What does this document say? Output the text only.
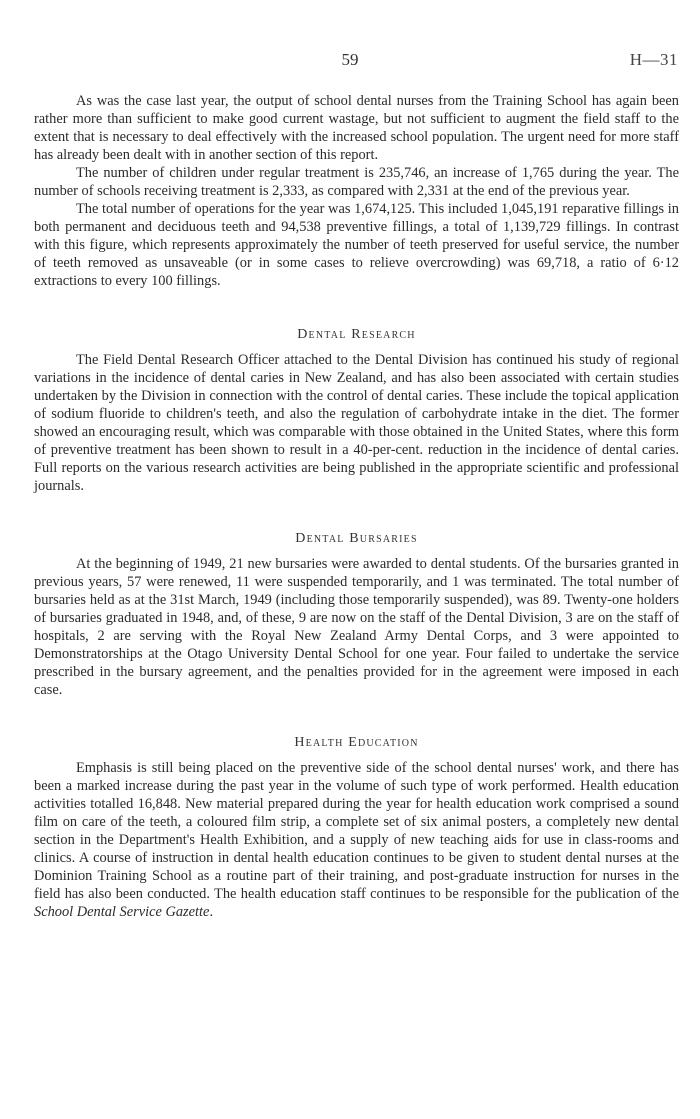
59	H—31

As was the case last year, the output of school dental nurses from the Training School has again been rather more than sufficient to make good current wastage, but not sufficient to augment the field staff to the extent that is necessary to deal effectively with the increased school population. The urgent need for more staff has already been dealt with in another section of this report.

The number of children under regular treatment is 235,746, an increase of 1,765 during the year. The number of schools receiving treatment is 2,333, as compared with 2,331 at the end of the previous year.

The total number of operations for the year was 1,674,125. This included 1,045,191 reparative fillings in both permanent and deciduous teeth and 94,538 preventive fillings, a total of 1,139,729 fillings. In contrast with this figure, which represents approximately the number of teeth preserved for useful service, the number of teeth removed as unsaveable (or in some cases to relieve overcrowding) was 69,718, a ratio of 6·12 extractions to every 100 fillings.

Dental Research

The Field Dental Research Officer attached to the Dental Division has continued his study of regional variations in the incidence of dental caries in New Zealand, and has also been associated with certain studies undertaken by the Division in connection with the control of dental caries. These include the topical application of sodium fluoride to children's teeth, and also the regulation of carbohydrate intake in the diet. The former showed an encouraging result, which was comparable with those obtained in the United States, where this form of preventive treatment has been shown to result in a 40-per-cent. reduction in the incidence of dental caries. Full reports on the various research activities are being published in the appropriate scientific and professional journals.

Dental Bursaries

At the beginning of 1949, 21 new bursaries were awarded to dental students. Of the bursaries granted in previous years, 57 were renewed, 11 were suspended temporarily, and 1 was terminated. The total number of bursaries held as at the 31st March, 1949 (including those temporarily suspended), was 89. Twenty-one holders of bursaries graduated in 1948, and, of these, 9 are now on the staff of the Dental Division, 3 are on the staff of hospitals, 2 are serving with the Royal New Zealand Army Dental Corps, and 3 were appointed to Demonstratorships at the Otago University Dental School for one year. Four failed to undertake the service prescribed in the bursary agreement, and the penalties provided for in the agreement were imposed in each case.

Health Education

Emphasis is still being placed on the preventive side of the school dental nurses' work, and there has been a marked increase during the past year in the volume of such type of work performed. Health education activities totalled 16,848. New material prepared during the year for health education work comprised a sound film on care of the teeth, a coloured film strip, a complete set of six animal posters, a completely new dental section in the Department's Health Exhibition, and a supply of new teaching aids for use in class-rooms and clinics. A course of instruction in dental health education continues to be given to student dental nurses at the Dominion Training School as a routine part of their training, and post-graduate instruction for nurses in the field has also been conducted. The health education staff continues to be responsible for the publication of the School Dental Service Gazette.
